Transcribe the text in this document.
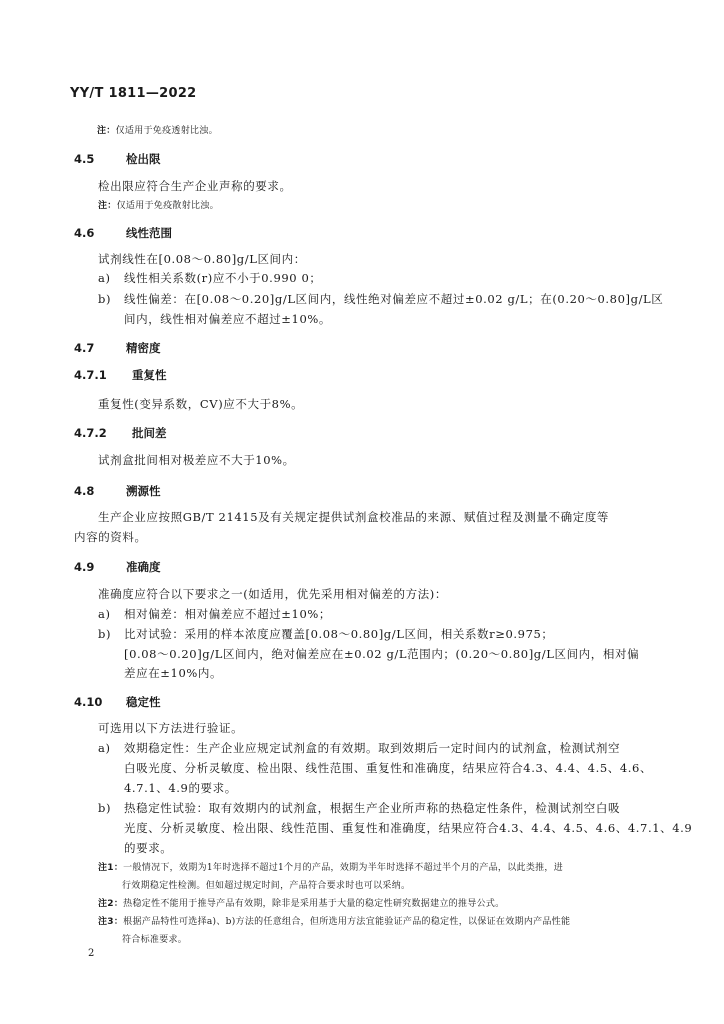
YY/T 1811—2022
注：仅适用于免疫透射比浊。
4.5	检出限
检出限应符合生产企业声称的要求。
注：仅适用于免疫散射比浊。
4.6	线性范围
试剂线性在[0.08～0.80]g/L区间内：
a) 线性相关系数(r)应不小于0.990 0；
b) 线性偏差：在[0.08～0.20]g/L区间内，线性绝对偏差应不超过±0.02 g/L；在(0.20～0.80]g/L区
间内，线性相对偏差应不超过±10%。
4.7	精密度
4.7.1 重复性
重复性(变异系数，CV)应不大于8%。
4.7.2 批间差
试剂盒批间相对极差应不大于10%。
4.8	溯源性
生产企业应按照GB/T 21415及有关规定提供试剂盒校准品的来源、赋值过程及测量不确定度等
内容的资料。
4.9	准确度
准确度应符合以下要求之一(如适用，优先采用相对偏差的方法)：
a) 相对偏差：相对偏差应不超过±10%；
b) 比对试验：采用的样本浓度应覆盖[0.08～0.80]g/L区间，相关系数r≥0.975；
[0.08～0.20]g/L区间内，绝对偏差应在±0.02 g/L范围内；(0.20～0.80]g/L区间内，相对偏
差应在±10%内。
4.10 稳定性
可选用以下方法进行验证。
a) 效期稳定性：生产企业应规定试剂盒的有效期。取到效期后一定时间内的试剂盒，检测试剂空
白吸光度、分析灵敏度、检出限、线性范围、重复性和准确度，结果应符合4.3、4.4、4.5、4.6、
4.7.1、4.9的要求。
b) 热稳定性试验：取有效期内的试剂盒，根据生产企业所声称的热稳定性条件，检测试剂空白吸
光度、分析灵敏度、检出限、线性范围、重复性和准确度，结果应符合4.3、4.4、4.5、4.6、4.7.1、4.9
的要求。
注1：一般情况下，效期为1年时选择不超过1个月的产品，效期为半年时选择不超过半个月的产品，以此类推，进
行效期稳定性检测。但如超过规定时间，产品符合要求时也可以采纳。
注2：热稳定性不能用于推导产品有效期，除非是采用基于大量的稳定性研究数据建立的推导公式。
注3：根据产品特性可选择a)、b)方法的任意组合，但所选用方法宜能验证产品的稳定性，以保证在效期内产品性能
符合标准要求。
2
